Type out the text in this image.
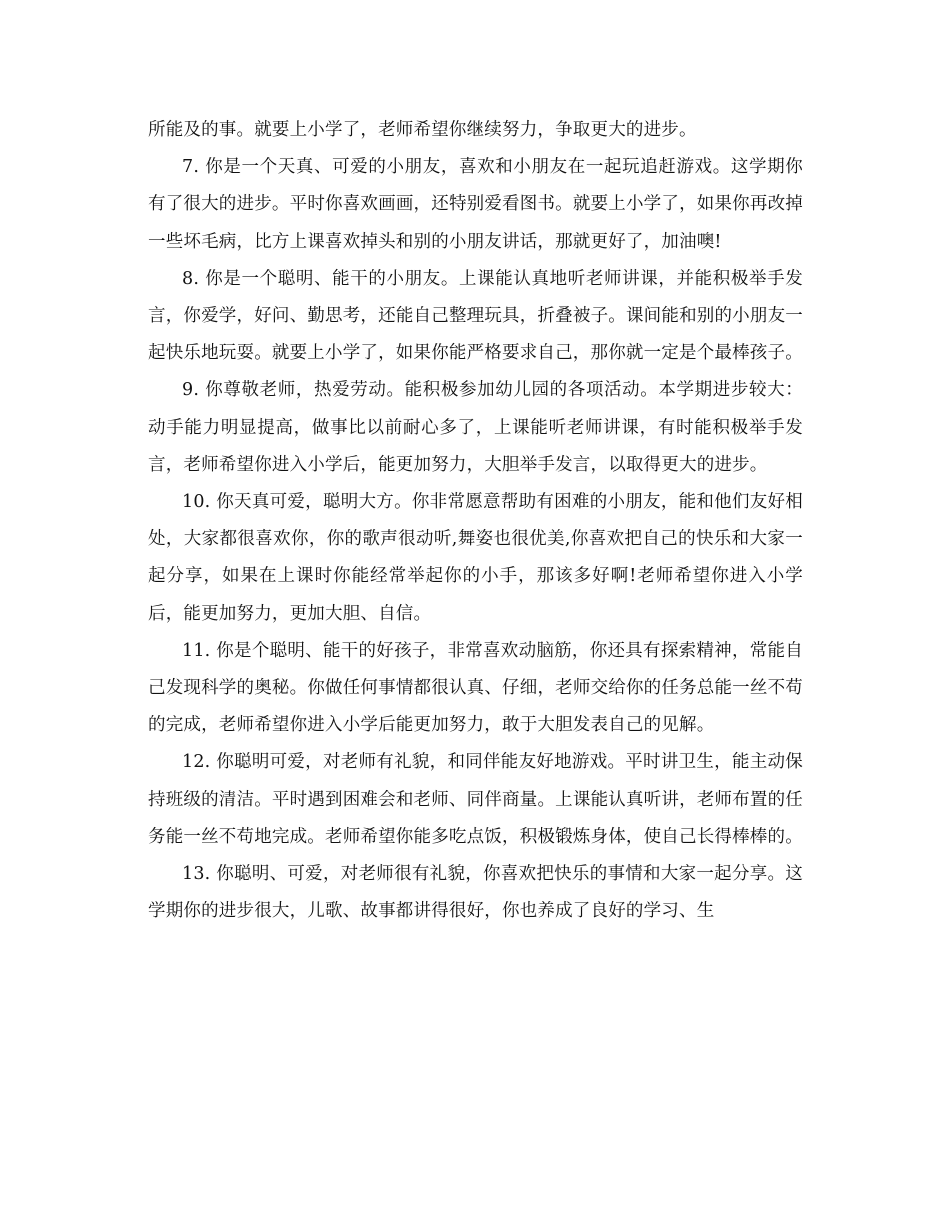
所能及的事。就要上小学了，老师希望你继续努力，争取更大的进步。

7. 你是一个天真、可爱的小朋友，喜欢和小朋友在一起玩追赶游戏。这学期你有了很大的进步。平时你喜欢画画，还特别爱看图书。就要上小学了，如果你再改掉一些坏毛病，比方上课喜欢掉头和别的小朋友讲话，那就更好了，加油噢!

8. 你是一个聪明、能干的小朋友。上课能认真地听老师讲课，并能积极举手发言，你爱学，好问、勤思考，还能自己整理玩具，折叠被子。课间能和别的小朋友一起快乐地玩耍。就要上小学了，如果你能严格要求自己，那你就一定是个最棒孩子。

9. 你尊敬老师，热爱劳动。能积极参加幼儿园的各项活动。本学期进步较大：动手能力明显提高，做事比以前耐心多了，上课能听老师讲课，有时能积极举手发言，老师希望你进入小学后，能更加努力，大胆举手发言，以取得更大的进步。

10. 你天真可爱，聪明大方。你非常愿意帮助有困难的小朋友，能和他们友好相处，大家都很喜欢你，你的歌声很动听,舞姿也很优美,你喜欢把自己的快乐和大家一起分享，如果在上课时你能经常举起你的小手，那该多好啊!老师希望你进入小学后，能更加努力，更加大胆、自信。

11. 你是个聪明、能干的好孩子，非常喜欢动脑筋，你还具有探索精神，常能自己发现科学的奥秘。你做任何事情都很认真、仔细，老师交给你的任务总能一丝不苟的完成，老师希望你进入小学后能更加努力，敢于大胆发表自己的见解。

12. 你聪明可爱，对老师有礼貌，和同伴能友好地游戏。平时讲卫生，能主动保持班级的清洁。平时遇到困难会和老师、同伴商量。上课能认真听讲，老师布置的任务能一丝不苟地完成。老师希望你能多吃点饭，积极锻炼身体，使自己长得棒棒的。

13. 你聪明、可爱，对老师很有礼貌，你喜欢把快乐的事情和大家一起分享。这学期你的进步很大，儿歌、故事都讲得很好，你也养成了良好的学习、生
